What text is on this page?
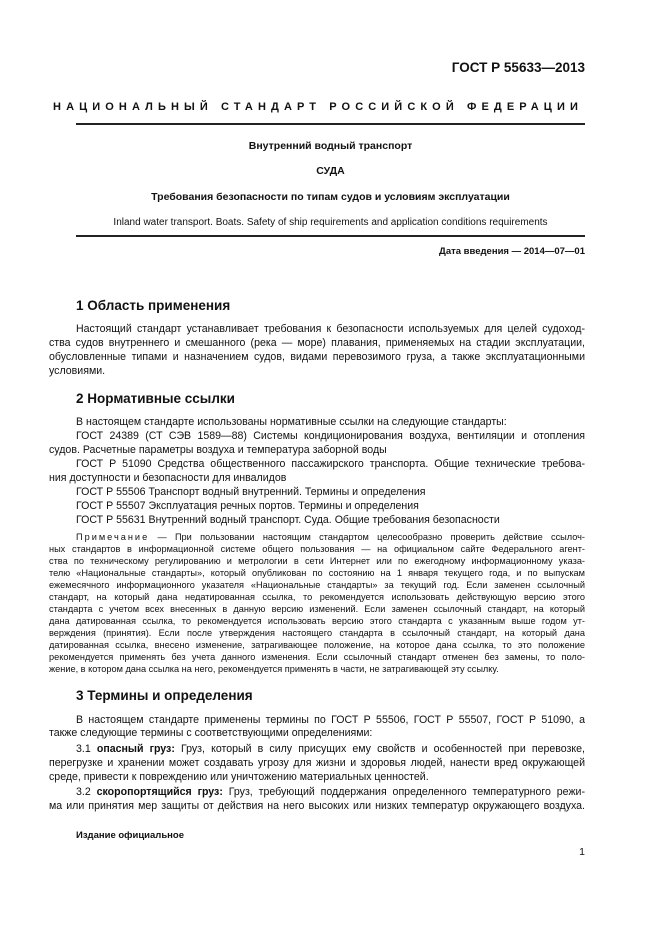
ГОСТ Р 55633—2013
НАЦИОНАЛЬНЫЙ СТАНДАРТ РОССИЙСКОЙ ФЕДЕРАЦИИ
Внутренний водный транспорт
СУДА
Требования безопасности по типам судов и условиям эксплуатации
Inland water transport. Boats. Safety of ship requirements and application conditions requirements
Дата введения — 2014—07—01
1 Область применения
Настоящий стандарт устанавливает требования к безопасности используемых для целей судоход-
ства судов внутреннего и смешанного (река — море) плавания, применяемых на стадии эксплуатации,
обусловленные типами и назначением судов, видами перевозимого груза, а также эксплуатационными
условиями.
2 Нормативные ссылки
В настоящем стандарте использованы нормативные ссылки на следующие стандарты:
ГОСТ 24389 (СТ СЭВ 1589—88) Системы кондиционирования воздуха, вентиляции и отопления
судов. Расчетные параметры воздуха и температура заборной воды
ГОСТ Р 51090 Средства общественного пассажирского транспорта. Общие технические требова-
ния доступности и безопасности для инвалидов
ГОСТ Р 55506 Транспорт водный внутренний. Термины и определения
ГОСТ Р 55507 Эксплуатация речных портов. Термины и определения
ГОСТ Р 55631 Внутренний водный транспорт. Суда. Общие требования безопасности
Примечание — При пользовании настоящим стандартом целесообразно проверить действие ссылоч-
ных стандартов в информационной системе общего пользования — на официальном сайте Федерального агент-
ства по техническому регулированию и метрологии в сети Интернет или по ежегодному информационному указа-
телю «Национальные стандарты», который опубликован по состоянию на 1 января текущего года, и по выпускам
ежемесячного информационного указателя «Национальные стандарты» за текущий год. Если заменен ссылочный
стандарт, на который дана недатированная ссылка, то рекомендуется использовать действующую версию этого
стандарта с учетом всех внесенных в данную версию изменений. Если заменен ссылочный стандарт, на который
дана датированная ссылка, то рекомендуется использовать версию этого стандарта с указанным выше годом ут-
верждения (принятия). Если после утверждения настоящего стандарта в ссылочный стандарт, на который дана
датированная ссылка, внесено изменение, затрагивающее положение, на которое дана ссылка, то это положение
рекомендуется применять без учета данного изменения. Если ссылочный стандарт отменен без замены, то поло-
жение, в котором дана ссылка на него, рекомендуется применять в части, не затрагивающей эту ссылку.
3 Термины и определения
В настоящем стандарте применены термины по ГОСТ Р 55506, ГОСТ Р 55507, ГОСТ Р 51090, а
также следующие термины с соответствующими определениями:
3.1 опасный груз: Груз, который в силу присущих ему свойств и особенностей при перевозке,
перегрузке и хранении может создавать угрозу для жизни и здоровья людей, нанести вред окружающей
среде, привести к повреждению или уничтожению материальных ценностей.
3.2 скоропортящийся груз: Груз, требующий поддержания определенного температурного режи-
ма или принятия мер защиты от действия на него высоких или низких температур окружающего воздуха.
Издание официальное
1
